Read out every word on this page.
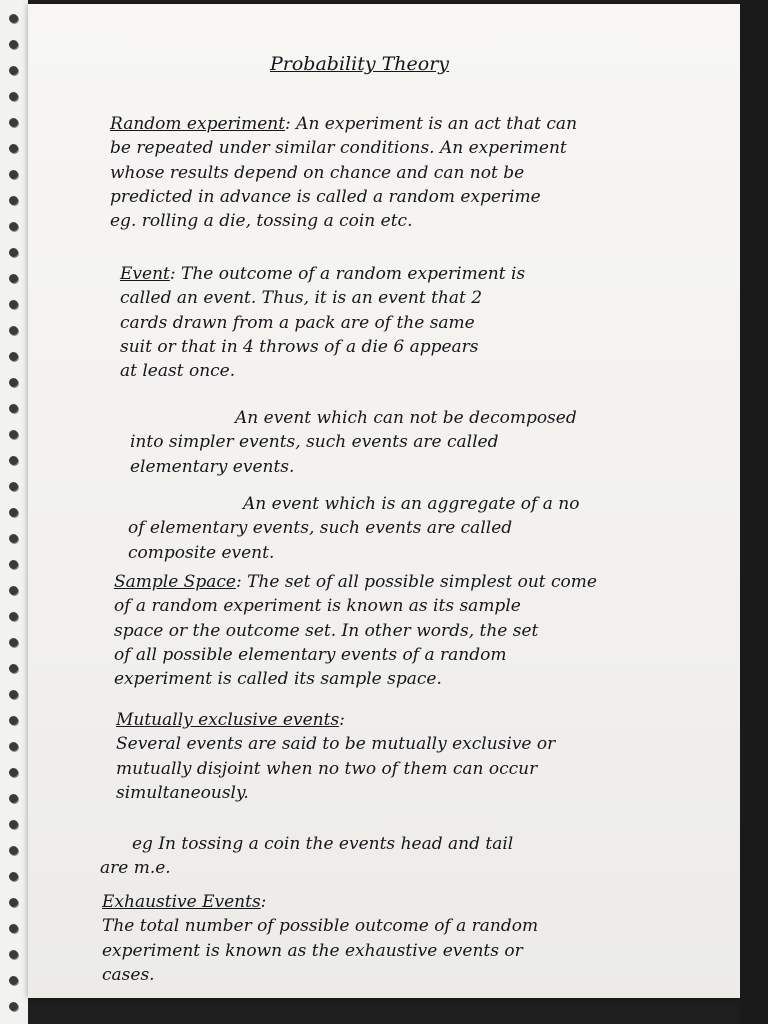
Probability Theory

Random experiment: An experiment is an act that can
be repeated under similar conditions. An experiment
whose results depend on chance and can not be
predicted in advance is called a random experime
eg. rolling a die, tossing a coin etc.
Event: The outcome of a random experiment is
called an event. Thus, it is an event that 2
cards drawn from a pack are of the same
suit or that in 4 throws of a die 6 appears
at least once.
An event which can not be decomposed
into simpler events, such events are called
elementary events.
An event which is an aggregate of a no
of elementary events, such events are called
composite event.
Sample Space: The set of all possible simplest out come
of a random experiment is known as its sample
space or the outcome set. In other words, the set
of all possible elementary events of a random
experiment is called its sample space.
Mutually exclusive events:
Several events are said to be mutually exclusive or
mutually disjoint when no two of them can occur
simultaneously.
eg In tossing a coin the events head and tail
are m.e.
Exhaustive Events:
The total number of possible outcome of a random
experiment is known as the exhaustive events or
cases.
